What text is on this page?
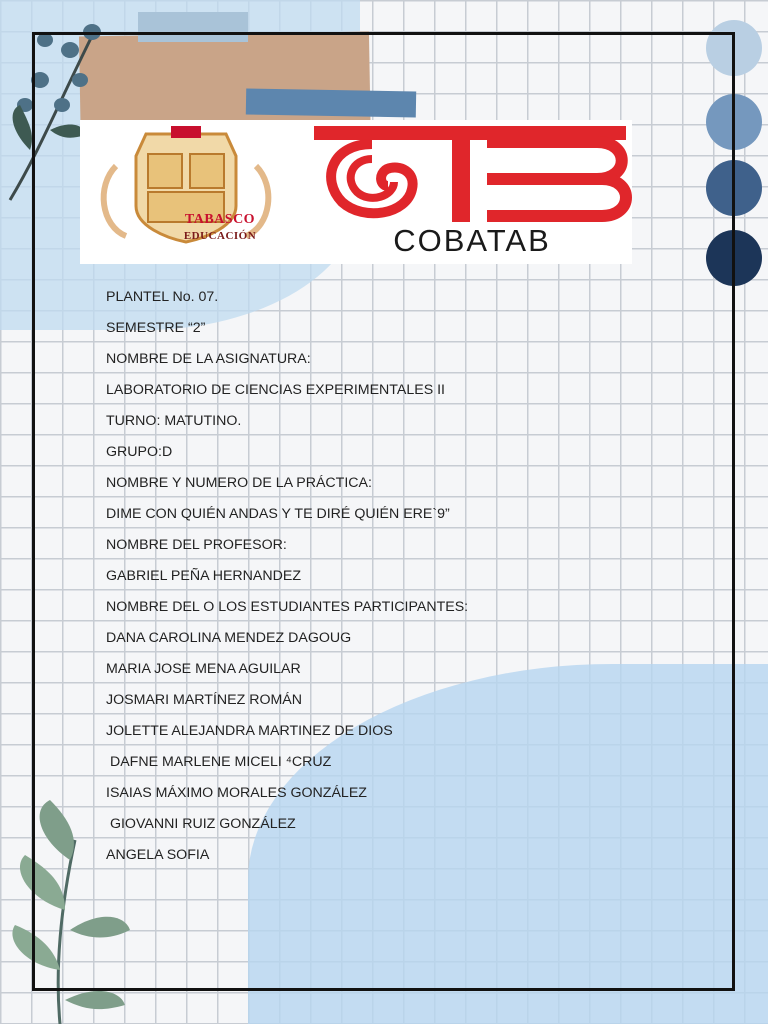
TABASCO
EDUCACIÓN	COBATAB
PLANTEL No. 07.
SEMESTRE “2”
NOMBRE DE LA ASIGNATURA:
LABORATORIO DE CIENCIAS EXPERIMENTALES II
TURNO: MATUTINO.
GRUPO:D
NOMBRE Y NUMERO DE LA PRÁCTICA:
DIME CON QUIÉN ANDAS Y TE DIRÉ QUIÉN ERE`9”
NOMBRE DEL PROFESOR:
GABRIEL PEÑA HERNANDEZ
NOMBRE DEL O LOS ESTUDIANTES PARTICIPANTES:
DANA CAROLINA MENDEZ DAGOUG
MARIA JOSE MENA AGUILAR
JOSMARI MARTÍNEZ ROMÁN
JOLETTE ALEJANDRA MARTINEZ DE DIOS
DAFNE MARLENE MICELI ⁴CRUZ
ISAIAS MÁXIMO MORALES GONZÁLEZ
GIOVANNI RUIZ GONZÁLEZ
ANGELA SOFIA
